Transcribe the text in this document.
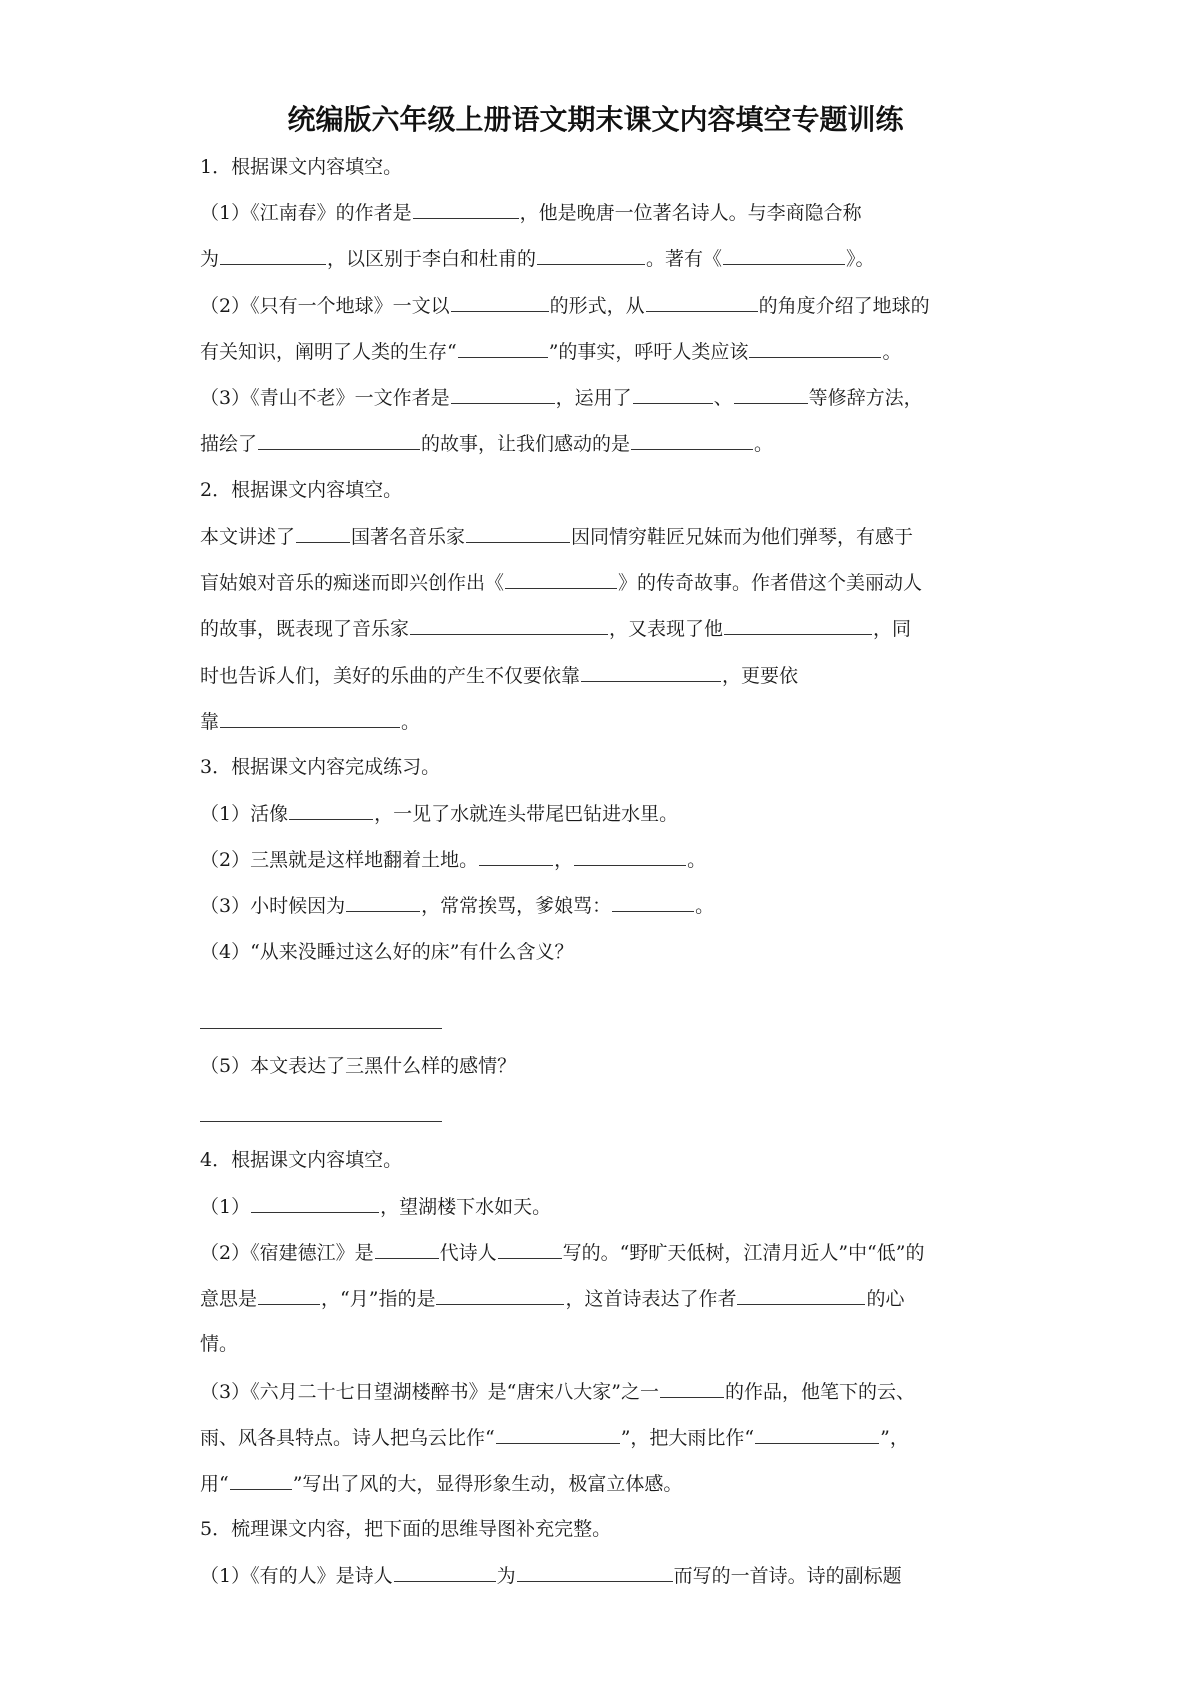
统编版六年级上册语文期末课文内容填空专题训练
1．根据课文内容填空。
（1）《江南春》的作者是	，他是晚唐一位著名诗人。与李商隐合称
为	，以区别于李白和杜甫的	。著有《	》。
（2）《只有一个地球》一文以	的形式，从	的角度介绍了地球的
有关知识，阐明了人类的生存“	”的事实，呼吁人类应该	。
（3）《青山不老》一文作者是	，运用了	、	等修辞方法，
描绘了	的故事，让我们感动的是	。
2．根据课文内容填空。
本文讲述了	国著名音乐家	因同情穷鞋匠兄妹而为他们弹琴，有感于
盲姑娘对音乐的痴迷而即兴创作出《	》的传奇故事。作者借这个美丽动人
的故事，既表现了音乐家	，又表现了他	，同
时也告诉人们，美好的乐曲的产生不仅要依靠	，更要依
靠	。
3．根据课文内容完成练习。
（1）活像	，一见了水就连头带尾巴钻进水里。
（2）三黑就是这样地翻着土地。	，	。
（3）小时候因为	，常常挨骂，爹娘骂：	。
（4）“从来没睡过这么好的床”有什么含义？
（5）本文表达了三黑什么样的感情？
4．根据课文内容填空。
（1）	，望湖楼下水如天。
（2）《宿建德江》是	代诗人	写的。“野旷天低树，江清月近人”中“低”的
意思是	，“月”指的是	，这首诗表达了作者	的心
情。
（3）《六月二十七日望湖楼醉书》是“唐宋八大家”之一	的作品，他笔下的云、
雨、风各具特点。诗人把乌云比作“	”，把大雨比作“	”，
用“	”写出了风的大，显得形象生动，极富立体感。
5．梳理课文内容，把下面的思维导图补充完整。
（1）《有的人》是诗人	为	而写的一首诗。诗的副标题
